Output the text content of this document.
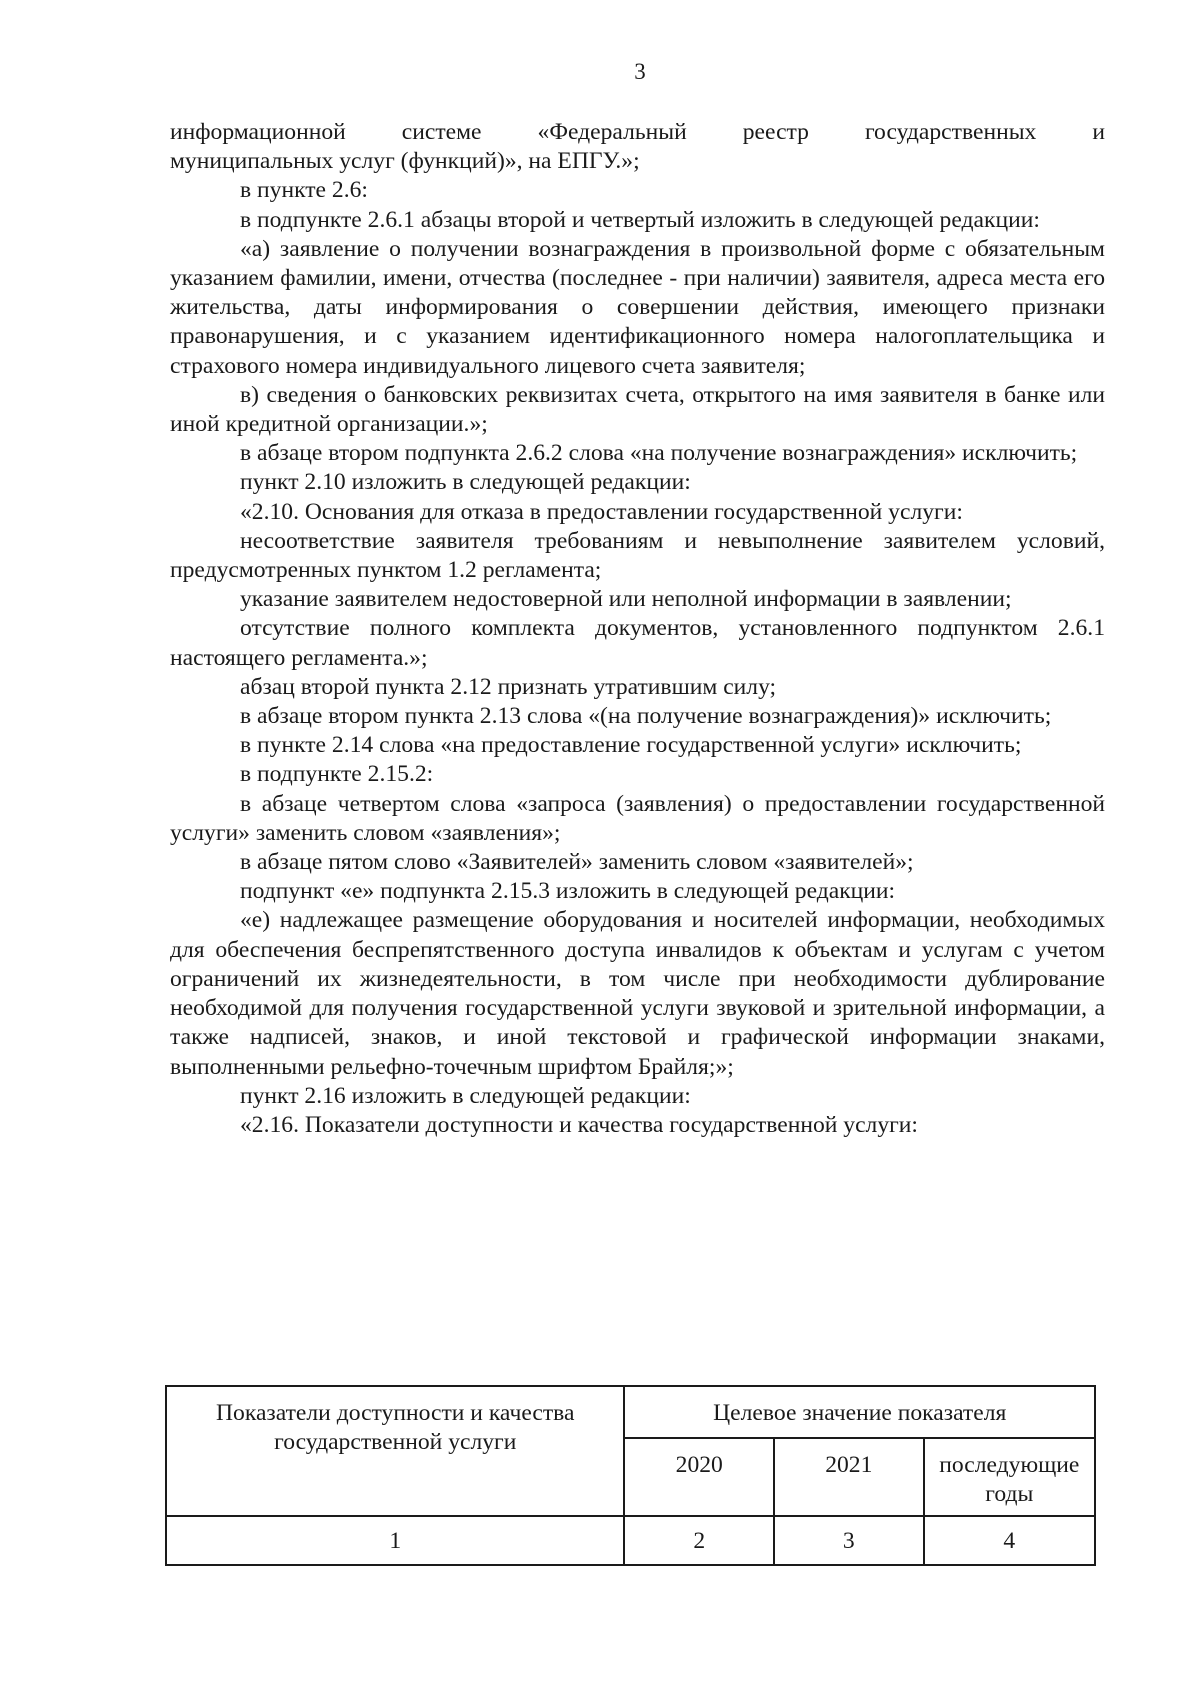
3

информационной системе «Федеральный реестр государственных и

муниципальных услуг (функций)», на ЕПГУ.»;

в пункте 2.6:

в подпункте 2.6.1 абзацы второй и четвертый изложить в следующей редакции:

«а) заявление о получении вознаграждения в произвольной форме с обязательным указанием фамилии, имени, отчества (последнее - при наличии) заявителя, адреса места его жительства, даты информирования о совершении действия, имеющего признаки правонарушения, и с указанием идентификационного номера налогоплательщика и страхового номера индивидуального лицевого счета заявителя;

в) сведения о банковских реквизитах счета, открытого на имя заявителя в банке или иной кредитной организации.»;

в абзаце втором подпункта 2.6.2 слова «на получение вознаграждения» исключить;

пункт 2.10 изложить в следующей редакции:

«2.10. Основания для отказа в предоставлении государственной услуги:

несоответствие заявителя требованиям и невыполнение заявителем условий, предусмотренных пунктом 1.2 регламента;

указание заявителем недостоверной или неполной информации в заявлении;

отсутствие полного комплекта документов, установленного подпунктом 2.6.1 настоящего регламента.»;

абзац второй пункта 2.12 признать утратившим силу;

в абзаце втором пункта 2.13 слова «(на получение вознаграждения)» исключить;

в пункте 2.14 слова «на предоставление государственной услуги» исключить;

в подпункте 2.15.2:

в абзаце четвертом слова «запроса (заявления) о предоставлении государственной услуги» заменить словом «заявления»;

в абзаце пятом слово «Заявителей» заменить словом «заявителей»;

подпункт «е» подпункта 2.15.3 изложить в следующей редакции:

«е) надлежащее размещение оборудования и носителей информации, необходимых для обеспечения беспрепятственного доступа инвалидов к объектам и услугам с учетом ограничений их жизнедеятельности, в том числе при необходимости дублирование необходимой для получения государственной услуги звуковой и зрительной информации, а также надписей, знаков, и иной текстовой и графической информации знаками, выполненными рельефно-точечным шрифтом Брайля;»;

пункт 2.16 изложить в следующей редакции:

«2.16. Показатели доступности и качества государственной услуги:

Показатели доступности и качества государственной услуги	Целевое значение показателя		
	2020	2021	последующие годы
1	2	3	4
